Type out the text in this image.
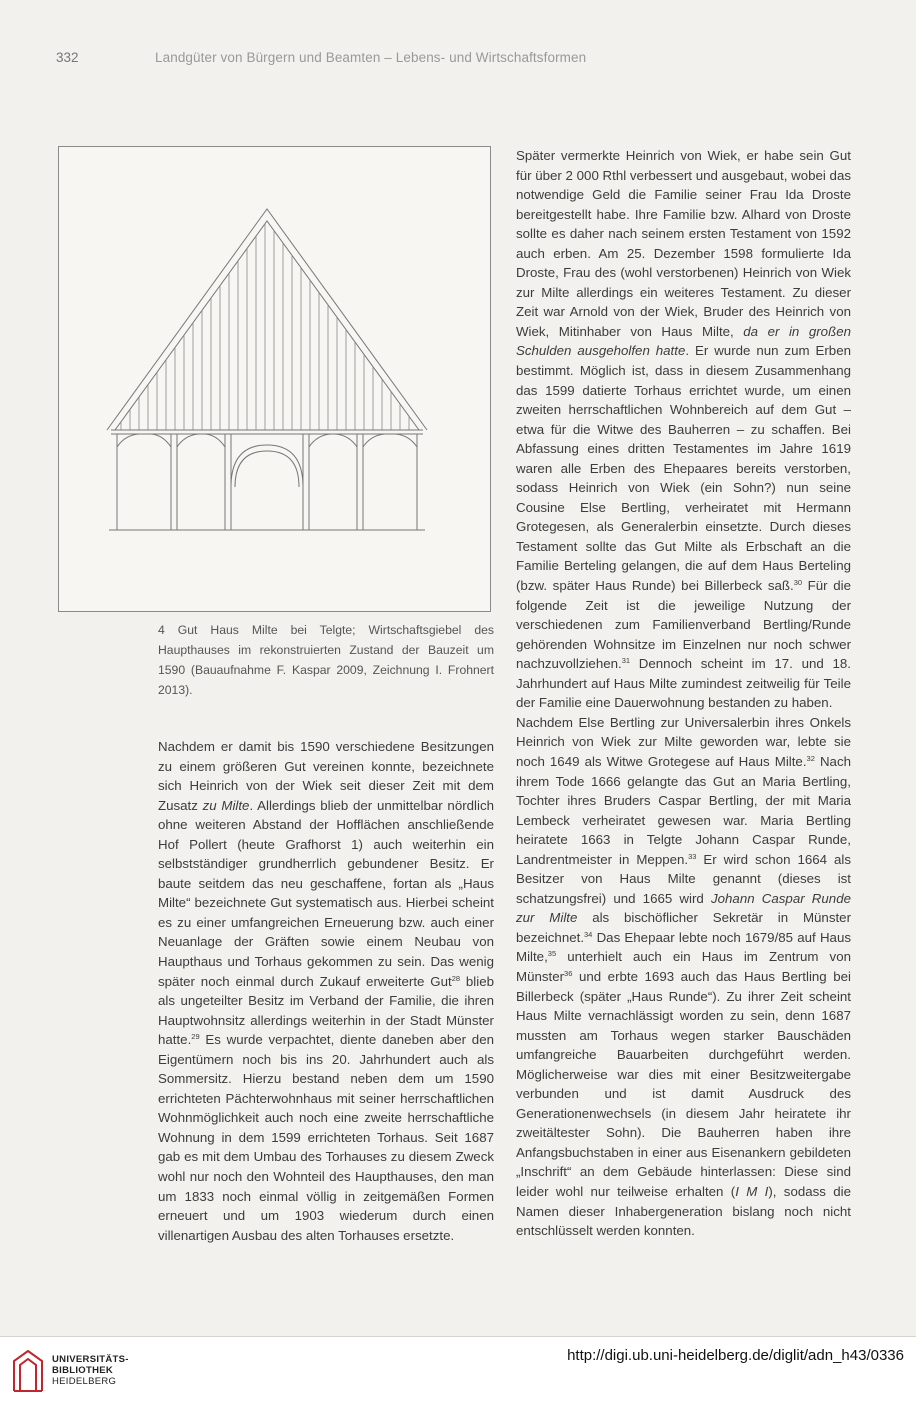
332	Landgüter von Bürgern und Beamten – Lebens- und Wirtschaftsformen
4 Gut Haus Milte bei Telgte; Wirtschaftsgiebel des Haupthauses im rekonstruierten Zustand der Bauzeit um 1590 (Bauaufnahme F. Kaspar 2009, Zeichnung I. Frohnert 2013).

Nachdem er damit bis 1590 verschiedene Besitzungen zu einem größeren Gut vereinen konnte, bezeichnete sich Heinrich von der Wiek seit dieser Zeit mit dem Zusatz zu Milte. Allerdings blieb der unmittelbar nördlich ohne weiteren Abstand der Hofflächen anschließende Hof Pollert (heute Grafhorst 1) auch weiterhin ein selbstständiger grundherrlich gebundener Besitz. Er baute seitdem das neu geschaffene, fortan als „Haus Milte“ bezeichnete Gut systematisch aus. Hierbei scheint es zu einer umfangreichen Erneuerung bzw. auch einer Neuanlage der Gräften sowie einem Neubau von Haupthaus und Torhaus gekommen zu sein. Das wenig später noch einmal durch Zukauf erweiterte Gut$^{28}$ blieb als ungeteilter Besitz im Verband der Familie, die ihren Hauptwohnsitz allerdings weiterhin in der Stadt Münster hatte.$^{29}$ Es wurde verpachtet, diente daneben aber den Eigentümern noch bis ins 20. Jahrhundert auch als Sommersitz. Hierzu bestand neben dem um 1590 errichteten Pächterwohnhaus mit seiner herrschaftlichen Wohnmöglichkeit auch noch eine zweite herrschaftliche Wohnung in dem 1599 errichteten Torhaus. Seit 1687 gab es mit dem Umbau des Torhauses zu diesem Zweck wohl nur noch den Wohnteil des Haupthauses, den man um 1833 noch einmal völlig in zeitgemäßen Formen erneuert und um 1903 wiederum durch einen villenartigen Ausbau des alten Torhauses ersetzte.

Später vermerkte Heinrich von Wiek, er habe sein Gut für über 2 000 Rthl verbessert und ausgebaut, wobei das notwendige Geld die Familie seiner Frau Ida Droste bereitgestellt habe. Ihre Familie bzw. Alhard von Droste sollte es daher nach seinem ersten Testament von 1592 auch erben. Am 25. Dezember 1598 formulierte Ida Droste, Frau des (wohl verstorbenen) Heinrich von Wiek zur Milte allerdings ein weiteres Testament. Zu dieser Zeit war Arnold von der Wiek, Bruder des Heinrich von Wiek, Mitinhaber von Haus Milte, da er in großen Schulden ausgeholfen hatte. Er wurde nun zum Erben bestimmt. Möglich ist, dass in diesem Zusammenhang das 1599 datierte Torhaus errichtet wurde, um einen zweiten herrschaftlichen Wohnbereich auf dem Gut – etwa für die Witwe des Bauherren – zu schaffen. Bei Abfassung eines dritten Testamentes im Jahre 1619 waren alle Erben des Ehepaares bereits verstorben, sodass Heinrich von Wiek (ein Sohn?) nun seine Cousine Else Bertling, verheiratet mit Hermann Grotegesen, als Generalerbin einsetzte. Durch dieses Testament sollte das Gut Milte als Erbschaft an die Familie Berteling gelangen, die auf dem Haus Berteling (bzw. später Haus Runde) bei Billerbeck saß.$^{30}$ Für die folgende Zeit ist die jeweilige Nutzung der verschiedenen zum Familienverband Bertling/Runde gehörenden Wohnsitze im Einzelnen nur noch schwer nachzuvollziehen.$^{31}$ Dennoch scheint im 17. und 18. Jahrhundert auf Haus Milte zumindest zeitweilig für Teile der Familie eine Dauerwohnung bestanden zu haben.

Nachdem Else Bertling zur Universalerbin ihres Onkels Heinrich von Wiek zur Milte geworden war, lebte sie noch 1649 als Witwe Grotegese auf Haus Milte.$^{32}$ Nach ihrem Tode 1666 gelangte das Gut an Maria Bertling, Tochter ihres Bruders Caspar Bertling, der mit Maria Lembeck verheiratet gewesen war. Maria Bertling heiratete 1663 in Telgte Johann Caspar Runde, Landrentmeister in Meppen.$^{33}$ Er wird schon 1664 als Besitzer von Haus Milte genannt (dieses ist schatzungsfrei) und 1665 wird Johann Caspar Runde zur Milte als bischöflicher Sekretär in Münster bezeichnet.$^{34}$ Das Ehepaar lebte noch 1679/85 auf Haus Milte,$^{35}$ unterhielt auch ein Haus im Zentrum von Münster$^{36}$ und erbte 1693 auch das Haus Bertling bei Billerbeck (später „Haus Runde“). Zu ihrer Zeit scheint Haus Milte vernachlässigt worden zu sein, denn 1687 mussten am Torhaus wegen starker Bauschäden umfangreiche Bauarbeiten durchgeführt werden. Möglicherweise war dies mit einer Besitzweitergabe verbunden und ist damit Ausdruck des Generationenwechsels (in diesem Jahr heiratete ihr zweitältester Sohn). Die Bauherren haben ihre Anfangsbuchstaben in einer aus Eisenankern gebildeten „Inschrift“ an dem Gebäude hinterlassen: Diese sind leider wohl nur teilweise erhalten (I M I), sodass die Namen dieser Inhabergeneration bislang noch nicht entschlüsselt werden konnten.

UNIVERSITÄTS-
BIBLIOTHEK
HEIDELBERG
http://digi.ub.uni-heidelberg.de/diglit/adn_h43/0336
